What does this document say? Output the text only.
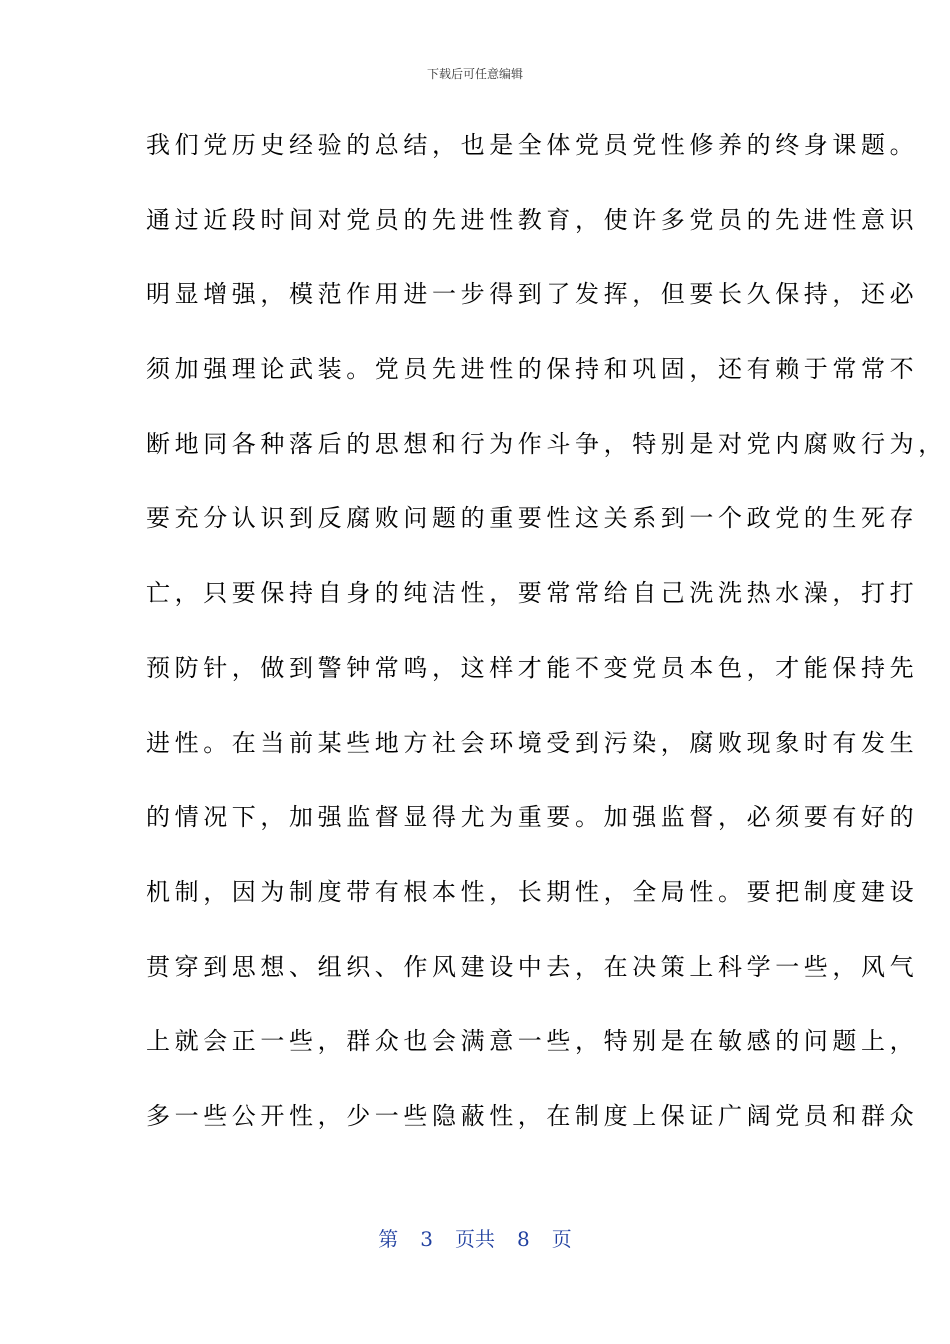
下载后可任意编辑
我们党历史经验的总结，也是全体党员党性修养的终身课题。
通过近段时间对党员的先进性教育，使许多党员的先进性意识
明显增强，模范作用进一步得到了发挥，但要长久保持，还必
须加强理论武装。党员先进性的保持和巩固，还有赖于常常不
断地同各种落后的思想和行为作斗争，特别是对党内腐败行为，
要充分认识到反腐败问题的重要性这关系到一个政党的生死存
亡，只要保持自身的纯洁性，要常常给自己洗洗热水澡，打打
预防针，做到警钟常鸣，这样才能不变党员本色，才能保持先
进性。在当前某些地方社会环境受到污染，腐败现象时有发生
的情况下，加强监督显得尤为重要。加强监督，必须要有好的
机制，因为制度带有根本性，长期性，全局性。要把制度建设
贯穿到思想、组织、作风建设中去，在决策上科学一些，风气
上就会正一些，群众也会满意一些，特别是在敏感的问题上，
多一些公开性，少一些隐蔽性，在制度上保证广阔党员和群众
第 3 页共 8 页
